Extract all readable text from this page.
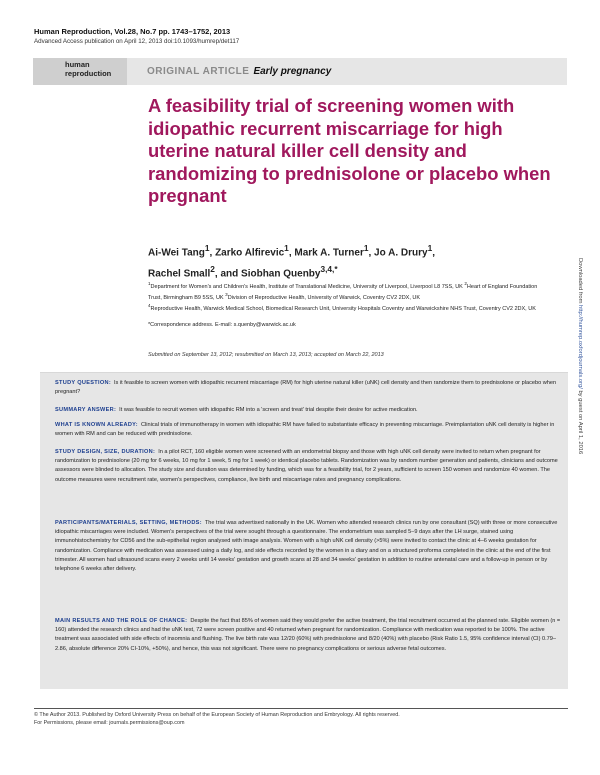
Human Reproduction, Vol.28, No.7 pp. 1743–1752, 2013
Advanced Access publication on April 12, 2013 doi:10.1093/humrep/det117
human
reproduction	ORIGINAL ARTICLE Early pregnancy
A feasibility trial of screening women with idiopathic recurrent miscarriage for high uterine natural killer cell density and randomizing to prednisolone or placebo when pregnant
Ai-Wei Tang$^1$, Zarko Alfirevic$^1$, Mark A. Turner$^1$, Jo A. Drury$^1$,
Rachel Small$^2$, and Siobhan Quenby$^{3,4,*}$
$^1$Department for Women's and Children's Health, Institute of Translational Medicine, University of Liverpool, Liverpool L8 7SS, UK $^2$Heart of England Foundation Trust, Birmingham B9 5SS, UK $^3$Division of Reproductive Health, University of Warwick, Coventry CV2 2DX, UK
$^4$Reproductive Health, Warwick Medical School, Biomedical Research Unit, University Hospitals Coventry and Warwickshire NHS Trust, Coventry CV2 2DX, UK
*Correspondence address. E-mail: s.quenby@warwick.ac.uk
Submitted on September 13, 2012; resubmitted on March 13, 2013; accepted on March 22, 2013

STUDY QUESTION: Is it feasible to screen women with idiopathic recurrent miscarriage (RM) for high uterine natural killer (uNK) cell density and then randomize them to prednisolone or placebo when pregnant?

SUMMARY ANSWER: It was feasible to recruit women with idiopathic RM into a 'screen and treat' trial despite their desire for active medication.

WHAT IS KNOWN ALREADY: Clinical trials of immunotherapy in women with idiopathic RM have failed to substantiate efficacy in preventing miscarriage. Preimplantation uNK cell density is higher in women with RM and can be reduced with prednisolone.

STUDY DESIGN, SIZE, DURATION: In a pilot RCT, 160 eligible women were screened with an endometrial biopsy and those with high uNK cell density were invited to return when pregnant for randomization to prednisolone (20 mg for 6 weeks, 10 mg for 1 week, 5 mg for 1 week) or identical placebo tablets. Randomization was by random number generation and patients, clinicians and outcome assessors were blinded to allocation. The study size and duration was determined by funding, which was for a feasibility trial, for 2 years, sufficient to screen 150 women and randomize 40 women. The outcome measures were recruitment rate, women's perspectives, compliance, live birth and miscarriage rates and pregnancy complications.

PARTICIPANTS/MATERIALS, SETTING, METHODS: The trial was advertised nationally in the UK. Women who attended research clinics run by one consultant (SQ) with three or more consecutive idiopathic miscarriages were included. Women's perspectives of the trial were sought through a questionnaire. The endometrium was sampled 5–9 days after the LH surge, stained using immunohistochemistry for CD56 and the sub-epithelial region analysed with image analysis. Women with a high uNK cell density (>5%) were invited to contact the clinic at 4–6 weeks gestation for randomization. Compliance with medication was assessed using a daily log, and side effects recorded by the women in a diary and on a structured proforma completed in the clinic at the end of the first trimester. All women had ultrasound scans every 2 weeks until 14 weeks' gestation and growth scans at 28 and 34 weeks' gestation in addition to routine antenatal care and a follow-up in person or by telephone 6 weeks after delivery.

MAIN RESULTS AND THE ROLE OF CHANCE: Despite the fact that 85% of women said they would prefer the active treatment, the trial recruitment occurred at the planned rate. Eligible women (n = 160) attended the research clinics and had the uNK test, 72 were screen positive and 40 returned when pregnant for randomization. Compliance with medication was reported to be 100%. The active treatment was associated with side effects of insomnia and flushing. The live birth rate was 12/20 (60%) with prednisolone and 8/20 (40%) with placebo (Risk Ratio 1.5, 95% confidence interval (CI) 0.79–2.86, absolute difference 20% CI-10%, +50%), and hence, this was not significant. There were no pregnancy complications or serious adverse fetal outcomes.

Downloaded from http://humrep.oxfordjournals.org/ by guest on April 1, 2016
© The Author 2013. Published by Oxford University Press on behalf of the European Society of Human Reproduction and Embryology. All rights reserved.
For Permissions, please email: journals.permissions@oup.com
